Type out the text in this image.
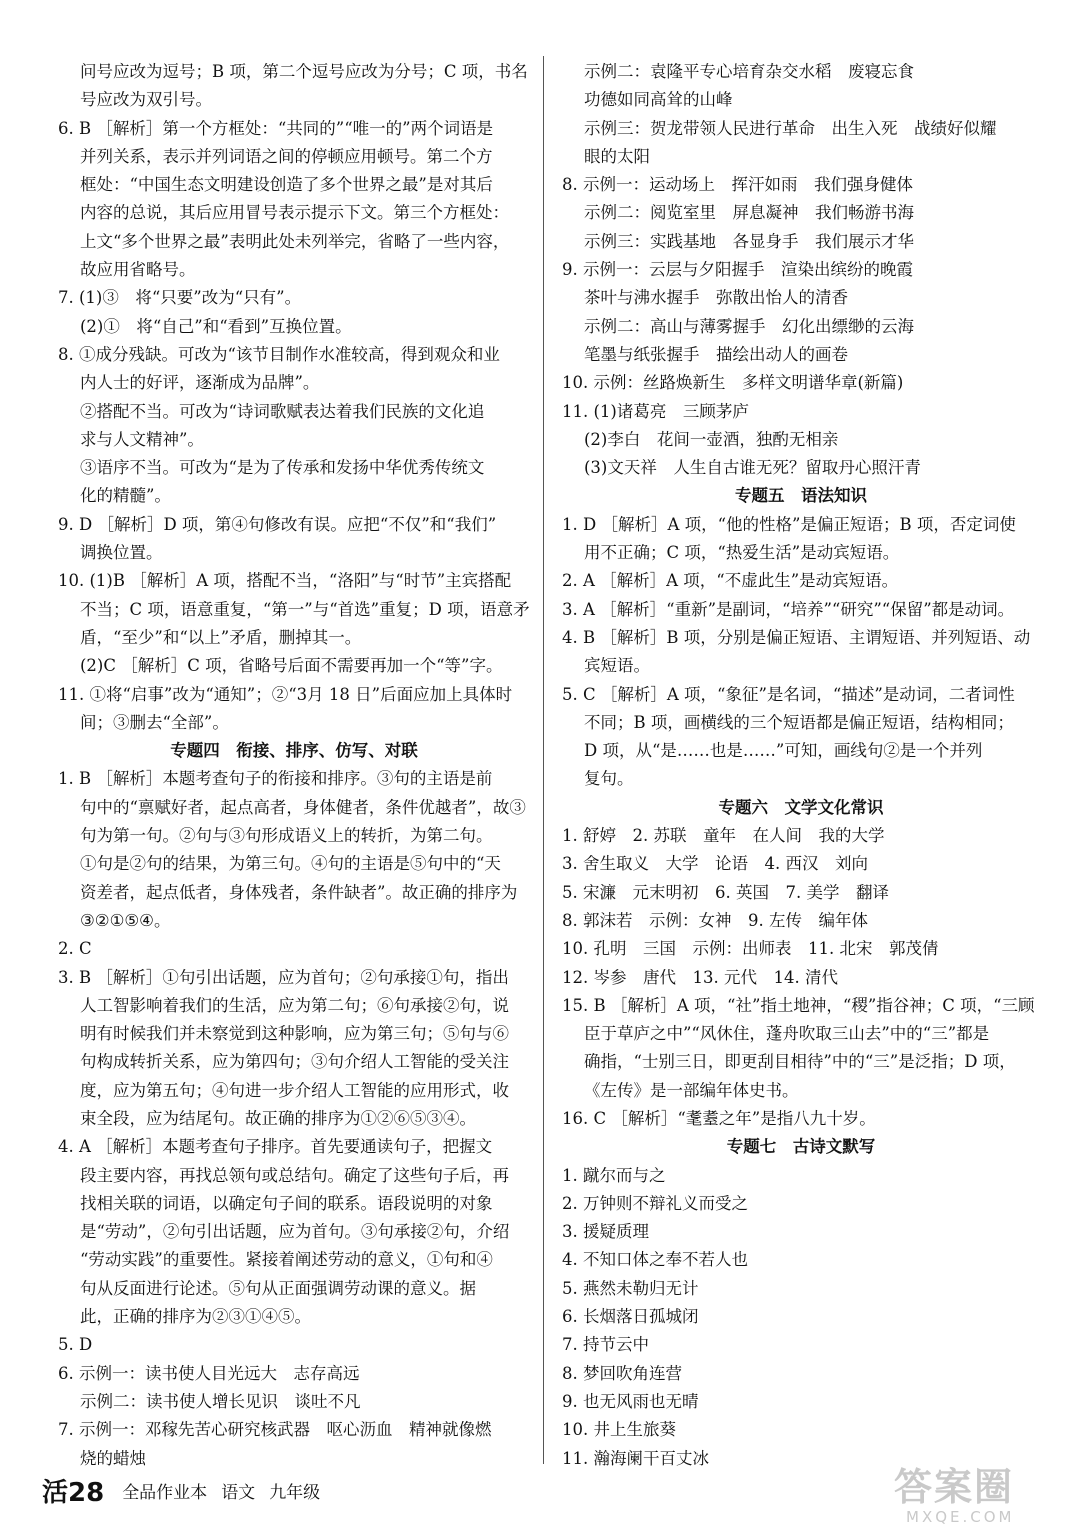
问号应改为逗号；B 项，第二个逗号应改为分号；C 项，书名
号应改为双引号。
6. B ［解析］第一个方框处：“共同的”“唯一的”两个词语是
并列关系，表示并列词语之间的停顿应用顿号。第二个方
框处：“中国生态文明建设创造了多个世界之最”是对其后
内容的总说，其后应用冒号表示提示下文。第三个方框处：
上文“多个世界之最”表明此处未列举完，省略了一些内容，
故应用省略号。
7. (1)③　将“只要”改为“只有”。
(2)①　将“自己”和“看到”互换位置。
8. ①成分残缺。可改为“该节目制作水准较高，得到观众和业
内人士的好评，逐渐成为品牌”。
②搭配不当。可改为“诗词歌赋表达着我们民族的文化追
求与人文精神”。
③语序不当。可改为“是为了传承和发扬中华优秀传统文
化的精髓”。
9. D ［解析］D 项，第④句修改有误。应把“不仅”和“我们”
调换位置。
10. (1)B ［解析］A 项，搭配不当，“洛阳”与“时节”主宾搭配
不当；C 项，语意重复，“第一”与“首选”重复；D 项，语意矛
盾，“至少”和“以上”矛盾，删掉其一。
(2)C ［解析］C 项，省略号后面不需要再加一个“等”字。
11. ①将“启事”改为“通知”；②“3月 18 日”后面应加上具体时
间；③删去“全部”。
专题四　衔接、排序、仿写、对联
1. B ［解析］本题考查句子的衔接和排序。③句的主语是前
句中的“禀赋好者，起点高者，身体健者，条件优越者”，故③
句为第一句。②句与③句形成语义上的转折，为第二句。
①句是②句的结果，为第三句。④句的主语是⑤句中的“天
资差者，起点低者，身体残者，条件缺者”。故正确的排序为
③②①⑤④。
2. C
3. B ［解析］①句引出话题，应为首句；②句承接①句，指出
人工智影响着我们的生活，应为第二句；⑥句承接②句，说
明有时候我们并未察觉到这种影响，应为第三句；⑤句与⑥
句构成转折关系，应为第四句；③句介绍人工智能的受关注
度，应为第五句；④句进一步介绍人工智能的应用形式，收
束全段，应为结尾句。故正确的排序为①②⑥⑤③④。
4. A ［解析］本题考查句子排序。首先要通读句子，把握文
段主要内容，再找总领句或总结句。确定了这些句子后，再
找相关联的词语，以确定句子间的联系。语段说明的对象
是“劳动”，②句引出话题，应为首句。③句承接②句，介绍
“劳动实践”的重要性。紧接着阐述劳动的意义，①句和④
句从反面进行论述。⑤句从正面强调劳动课的意义。据
此，正确的排序为②③①④⑤。
5. D
6. 示例一：读书使人目光远大　志存高远
示例二：读书使人增长见识　谈吐不凡
7. 示例一：邓稼先苦心研究核武器　呕心沥血　精神就像燃
烧的蜡烛
示例二：袁隆平专心培育杂交水稻　废寝忘食
功德如同高耸的山峰
示例三：贺龙带领人民进行革命　出生入死　战绩好似耀
眼的太阳
8. 示例一：运动场上　挥汗如雨　我们强身健体
示例二：阅览室里　屏息凝神　我们畅游书海
示例三：实践基地　各显身手　我们展示才华
9. 示例一：云层与夕阳握手　渲染出缤纷的晚霞
茶叶与沸水握手　弥散出怡人的清香
示例二：高山与薄雾握手　幻化出缥缈的云海
笔墨与纸张握手　描绘出动人的画卷
10. 示例：丝路焕新生　多样文明谱华章(新篇)
11. (1)诸葛亮　三顾茅庐
(2)李白　花间一壶酒，独酌无相亲
(3)文天祥　人生自古谁无死？留取丹心照汗青
专题五　语法知识
1. D ［解析］A 项，“他的性格”是偏正短语；B 项，否定词使
用不正确；C 项，“热爱生活”是动宾短语。
2. A ［解析］A 项，“不虚此生”是动宾短语。
3. A ［解析］“重新”是副词，“培养”“研究”“保留”都是动词。
4. B ［解析］B 项，分别是偏正短语、主谓短语、并列短语、动
宾短语。
5. C ［解析］A 项，“象征”是名词，“描述”是动词，二者词性
不同；B 项，画横线的三个短语都是偏正短语，结构相同；
D 项，从“是……也是……”可知，画线句②是一个并列
复句。
专题六　文学文化常识
1. 舒婷　2. 苏联　童年　在人间　我的大学
3. 舍生取义　大学　论语　4. 西汉　刘向
5. 宋濂　元末明初　6. 英国　7. 美学　翻译
8. 郭沫若　示例：女神　9. 左传　编年体
10. 孔明　三国　示例：出师表　11. 北宋　郭茂倩
12. 岑参　唐代　13. 元代　14. 清代
15. B ［解析］A 项，“社”指土地神，“稷”指谷神；C 项，“三顾
臣于草庐之中”“风休住，蓬舟吹取三山去”中的“三”都是
确指，“士别三日，即更刮目相待”中的“三”是泛指；D 项，
《左传》是一部编年体史书。
16. C ［解析］“耄耋之年”是指八九十岁。
专题七　古诗文默写
1. 蹴尔而与之
2. 万钟则不辩礼义而受之
3. 援疑质理
4. 不知口体之奉不若人也
5. 燕然未勒归无计
6. 长烟落日孤城闭
7. 持节云中
8. 梦回吹角连营
9. 也无风雨也无晴
10. 井上生旅葵
11. 瀚海阑干百丈冰
活28 全品作业本 语文 九年级	答案圈
MXQE.COM
